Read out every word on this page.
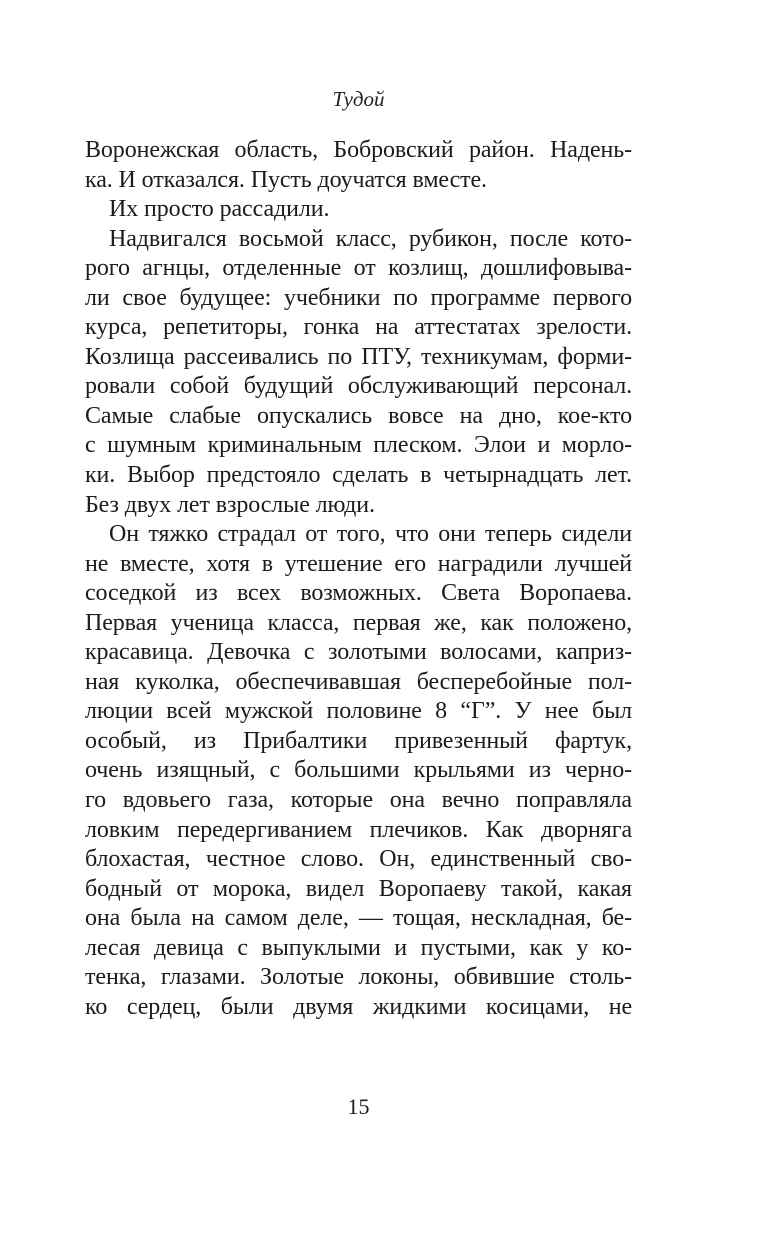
Тудой
Воронежская область, Бобровский район. Надень-
ка. И отказался. Пусть доучатся вместе.
Их просто рассадили.
Надвигался восьмой класс, рубикон, после кото-
рого агнцы, отделенные от козлищ, дошлифовыва-
ли свое будущее: учебники по программе первого
курса, репетиторы, гонка на аттестатах зрелости.
Козлища рассеивались по ПТУ, техникумам, форми-
ровали собой будущий обслуживающий персонал.
Самые слабые опускались вовсе на дно, кое-кто
с шумным криминальным плеском. Элои и морло-
ки. Выбор предстояло сделать в четырнадцать лет.
Без двух лет взрослые люди.
Он тяжко страдал от того, что они теперь сидели
не вместе, хотя в утешение его наградили лучшей
соседкой из всех возможных. Света Воропаева.
Первая ученица класса, первая же, как положено,
красавица. Девочка с золотыми волосами, каприз-
ная куколка, обеспечивавшая бесперебойные пол-
люции всей мужской половине 8 “Г”. У нее был
особый, из Прибалтики привезенный фартук,
очень изящный, с большими крыльями из черно-
го вдовьего газа, которые она вечно поправляла
ловким передергиванием плечиков. Как дворняга
блохастая, честное слово. Он, единственный сво-
бодный от морока, видел Воропаеву такой, какая
она была на самом деле, — тощая, нескладная, бе-
лесая девица с выпуклыми и пустыми, как у ко-
тенка, глазами. Золотые локоны, обвившие столь-
ко сердец, были двумя жидкими косицами, не
15
